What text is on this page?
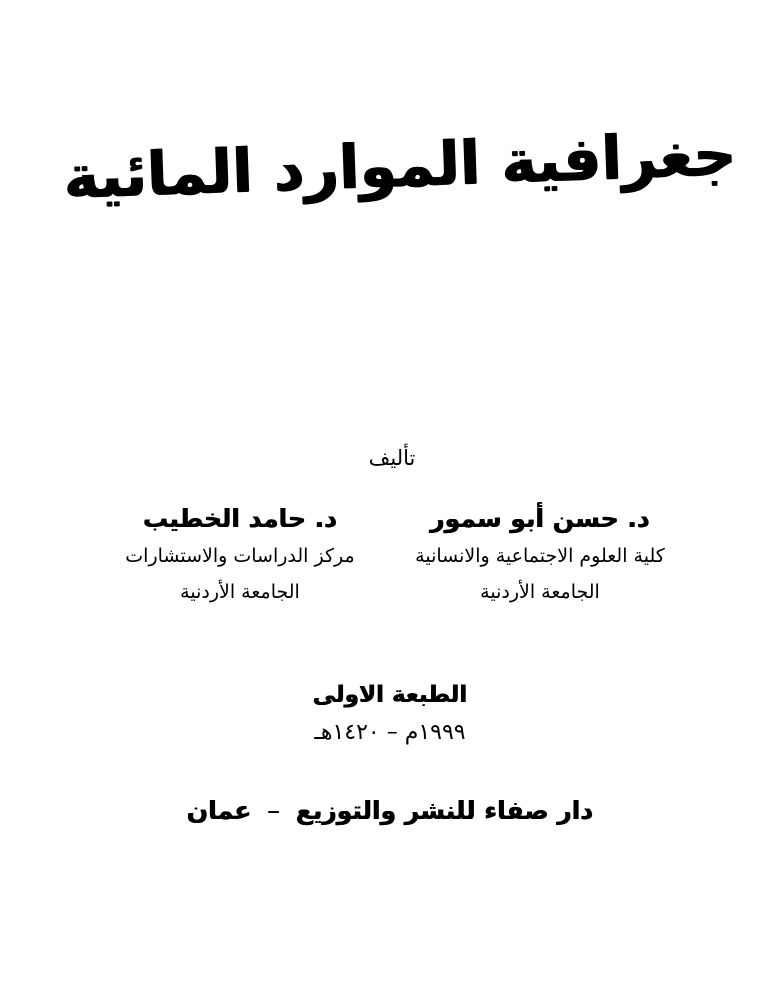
جغرافية الموارد المائية
تأليف
د. حسن أبو سمور
كلية العلوم الاجتماعية والانسانية
الجامعة الأردنية
د. حامد الخطيب
مركز الدراسات والاستشارات
الجامعة الأردنية
الطبعة الاولى
١٩٩٩م – ١٤٢٠هـ
دار صفاء للنشر والتوزيع–عمان
